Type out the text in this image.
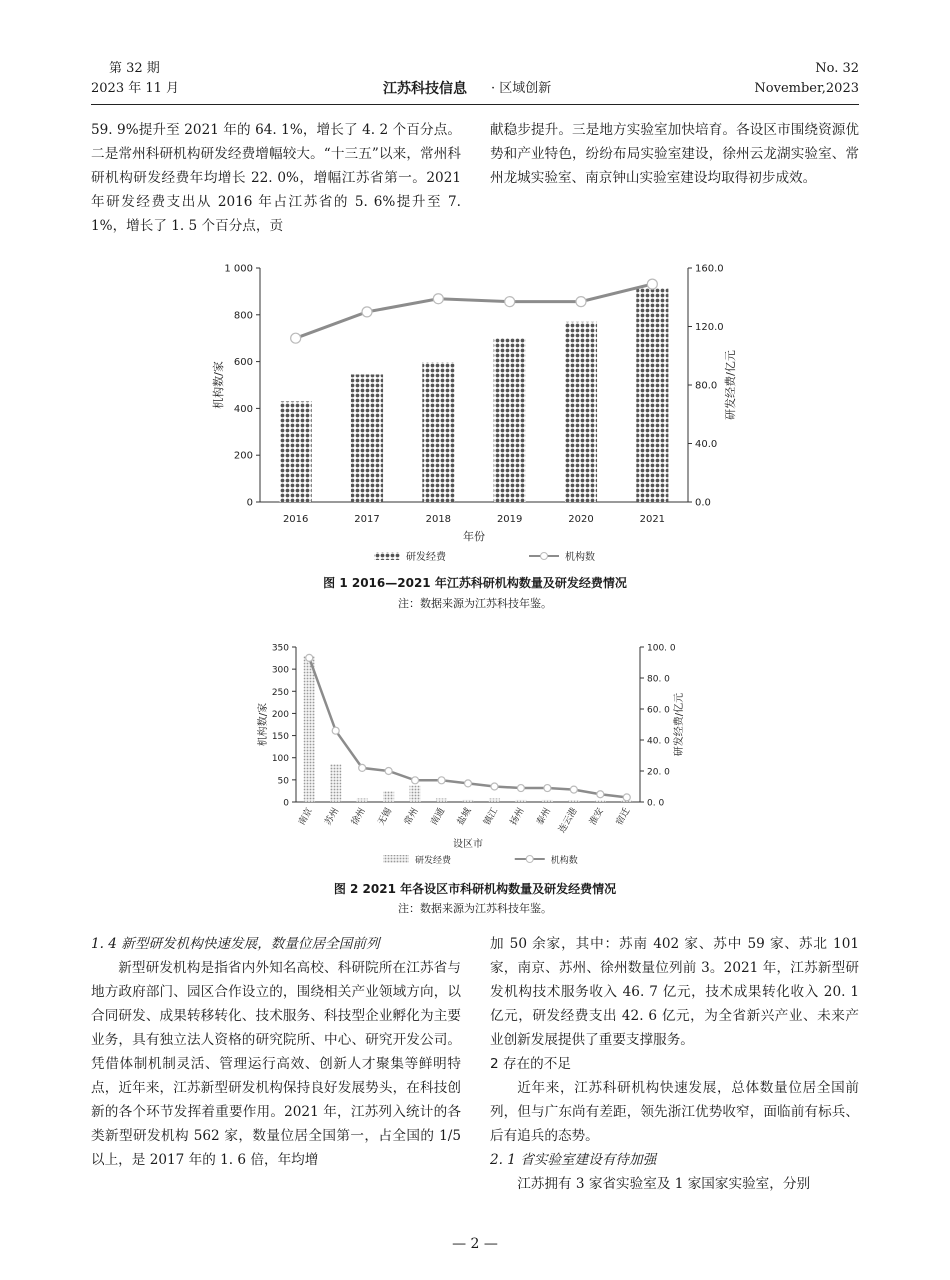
第 32 期
2023 年 11 月	江苏科技信息 · 区域创新
No. 32
November,2023

59. 9%提升至 2021 年的 64. 1%，增长了 4. 2 个百分点。二是常州科研机构研发经费增幅较大。“十三五”以来，常州科研机构研发经费年均增长 22. 0%，增幅江苏省第一。2021 年研发经费支出从 2016 年占江苏省的 5. 6%提升至 7. 1%，增长了 1. 5 个百分点，贡

献稳步提升。三是地方实验室加快培育。各设区市围绕资源优势和产业特色，纷纷布局实验室建设，徐州云龙湖实验室、常州龙城实验室、南京钟山实验室建设均取得初步成效。

0
200
400
600
800
1 000
0.0
40.0
80.0
120.0
160.0
2016	2017	2018	2019	2020	2021
机构数/家	研发经费/亿元
年份
研发经费	机构数
图 1 2016—2021 年江苏科研机构数量及研发经费情况
注：数据来源为江苏科技年鉴。
0
50
100
150
200
250
300
350
0. 0
20. 0
40. 0
60. 0
80. 0
100. 0
南京 苏州 徐州 无锡 常州 南通 盐城 镇江 扬州 泰州 连云港 淮安 宿迁
机构数/家	研发经费/亿元
设区市
研发经费	机构数
图 2 2021 年各设区市科研机构数量及研发经费情况
注：数据来源为江苏科技年鉴。

1. 4 新型研发机构快速发展，数量位居全国前列

新型研发机构是指省内外知名高校、科研院所在江苏省与地方政府部门、园区合作设立的，围绕相关产业领域方向，以合同研发、成果转移转化、技术服务、科技型企业孵化为主要业务，具有独立法人资格的研究院所、中心、研究开发公司。凭借体制机制灵活、管理运行高效、创新人才聚集等鲜明特点，近年来，江苏新型研发机构保持良好发展势头，在科技创新的各个环节发挥着重要作用。2021 年，江苏列入统计的各类新型研发机构 562 家，数量位居全国第一，占全国的 1/5 以上，是 2017 年的 1. 6 倍，年均增

加 50 余家，其中：苏南 402 家、苏中 59 家、苏北 101 家，南京、苏州、徐州数量位列前 3。2021 年，江苏新型研发机构技术服务收入 46. 7 亿元，技术成果转化收入 20. 1 亿元，研发经费支出 42. 6 亿元，为全省新兴产业、未来产业创新发展提供了重要支撑服务。

2 存在的不足

近年来，江苏科研机构快速发展，总体数量位居全国前列，但与广东尚有差距，领先浙江优势收窄，面临前有标兵、后有追兵的态势。

2. 1 省实验室建设有待加强

江苏拥有 3 家省实验室及 1 家国家实验室，分别

— 2 —
